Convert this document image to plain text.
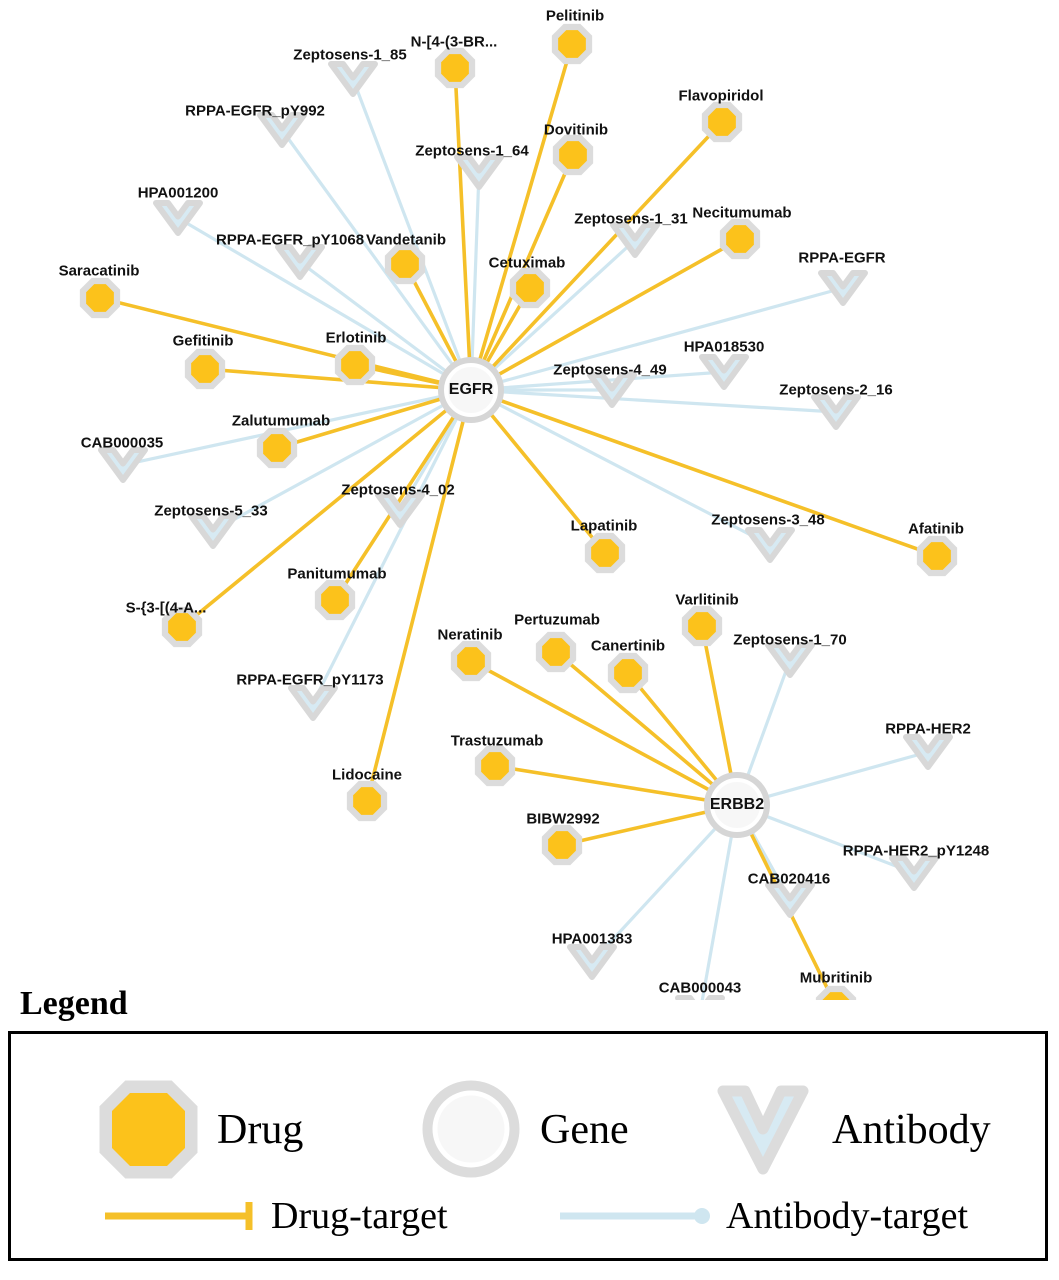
Pelitinib
N-[4-(3-BR...
Flavopiridol
Dovitinib
Necitumumab
Vandetanib
Cetuximab
Saracatinib
Gefitinib	Erlotinib
Zalutumumab
Afatinib
Lapatinib
Varlitinib
Panitumumab
S-{3-[(4-A...
Pertuzumab
Neratinib
Canertinib
Trastuzumab
Lidocaine
BIBW2992
Mubritinib
Zeptosens-1_85
RPPA-EGFR_pY992
Zeptosens-1_64
HPA001200
Zeptosens-1_31
RPPA-EGFR_pY1068
RPPA-EGFR
HPA018530
Zeptosens-4_49
Zeptosens-2_16
CAB000035
Zeptosens-4_02
Zeptosens-5_33
Zeptosens-3_48
Zeptosens-1_70
RPPA-EGFR_pY1173
RPPA-HER2
RPPA-HER2_pY1248
CAB020416
HPA001383
CAB000043
EGFR
ERBB2
Legend
Drug	Gene	Antibody
Drug-target	Antibody-target
